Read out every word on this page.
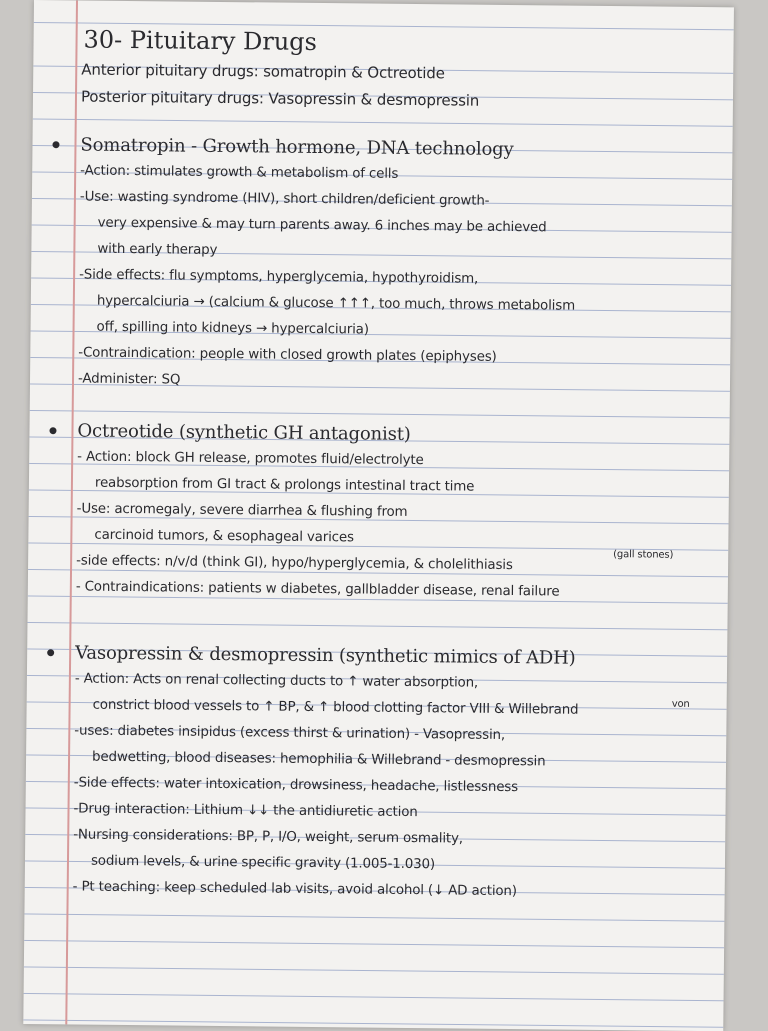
30- Pituitary Drugs
Anterior pituitary drugs: somatropin & Octreotide
Posterior pituitary drugs: Vasopressin & desmopressin
Somatropin - Growth hormone, DNA technology
-Action: stimulates growth & metabolism of cells
-Use: wasting syndrome (HIV), short children/deficient growth-
very expensive & may turn parents away. 6 inches may be achieved
with early therapy
-Side effects: flu symptoms, hyperglycemia, hypothyroidism,
hypercalciuria → (calcium & glucose ↑↑↑, too much, throws metabolism
off, spilling into kidneys → hypercalciuria)
-Contraindication: people with closed growth plates (epiphyses)
-Administer: SQ
Octreotide (synthetic GH antagonist)
- Action: block GH release, promotes fluid/electrolyte
reabsorption from GI tract & prolongs intestinal tract time
-Use: acromegaly, severe diarrhea & flushing from
carcinoid tumors, & esophageal varices
(gall stones)
-side effects: n/v/d (think GI), hypo/hyperglycemia, & cholelithiasis
- Contraindications: patients w diabetes, gallbladder disease, renal failure
Vasopressin & desmopressin (synthetic mimics of ADH)
- Action: Acts on renal collecting ducts to ↑ water absorption,
von
constrict blood vessels to ↑ BP, & ↑ blood clotting factor VIII & Willebrand
-uses: diabetes insipidus (excess thirst & urination) - Vasopressin,
bedwetting, blood diseases: hemophilia & Willebrand - desmopressin
-Side effects: water intoxication, drowsiness, headache, listlessness
-Drug interaction: Lithium ↓↓ the antidiuretic action
-Nursing considerations: BP, P, I/O, weight, serum osmality,
sodium levels, & urine specific gravity (1.005-1.030)
- Pt teaching: keep scheduled lab visits, avoid alcohol (↓ AD action)
